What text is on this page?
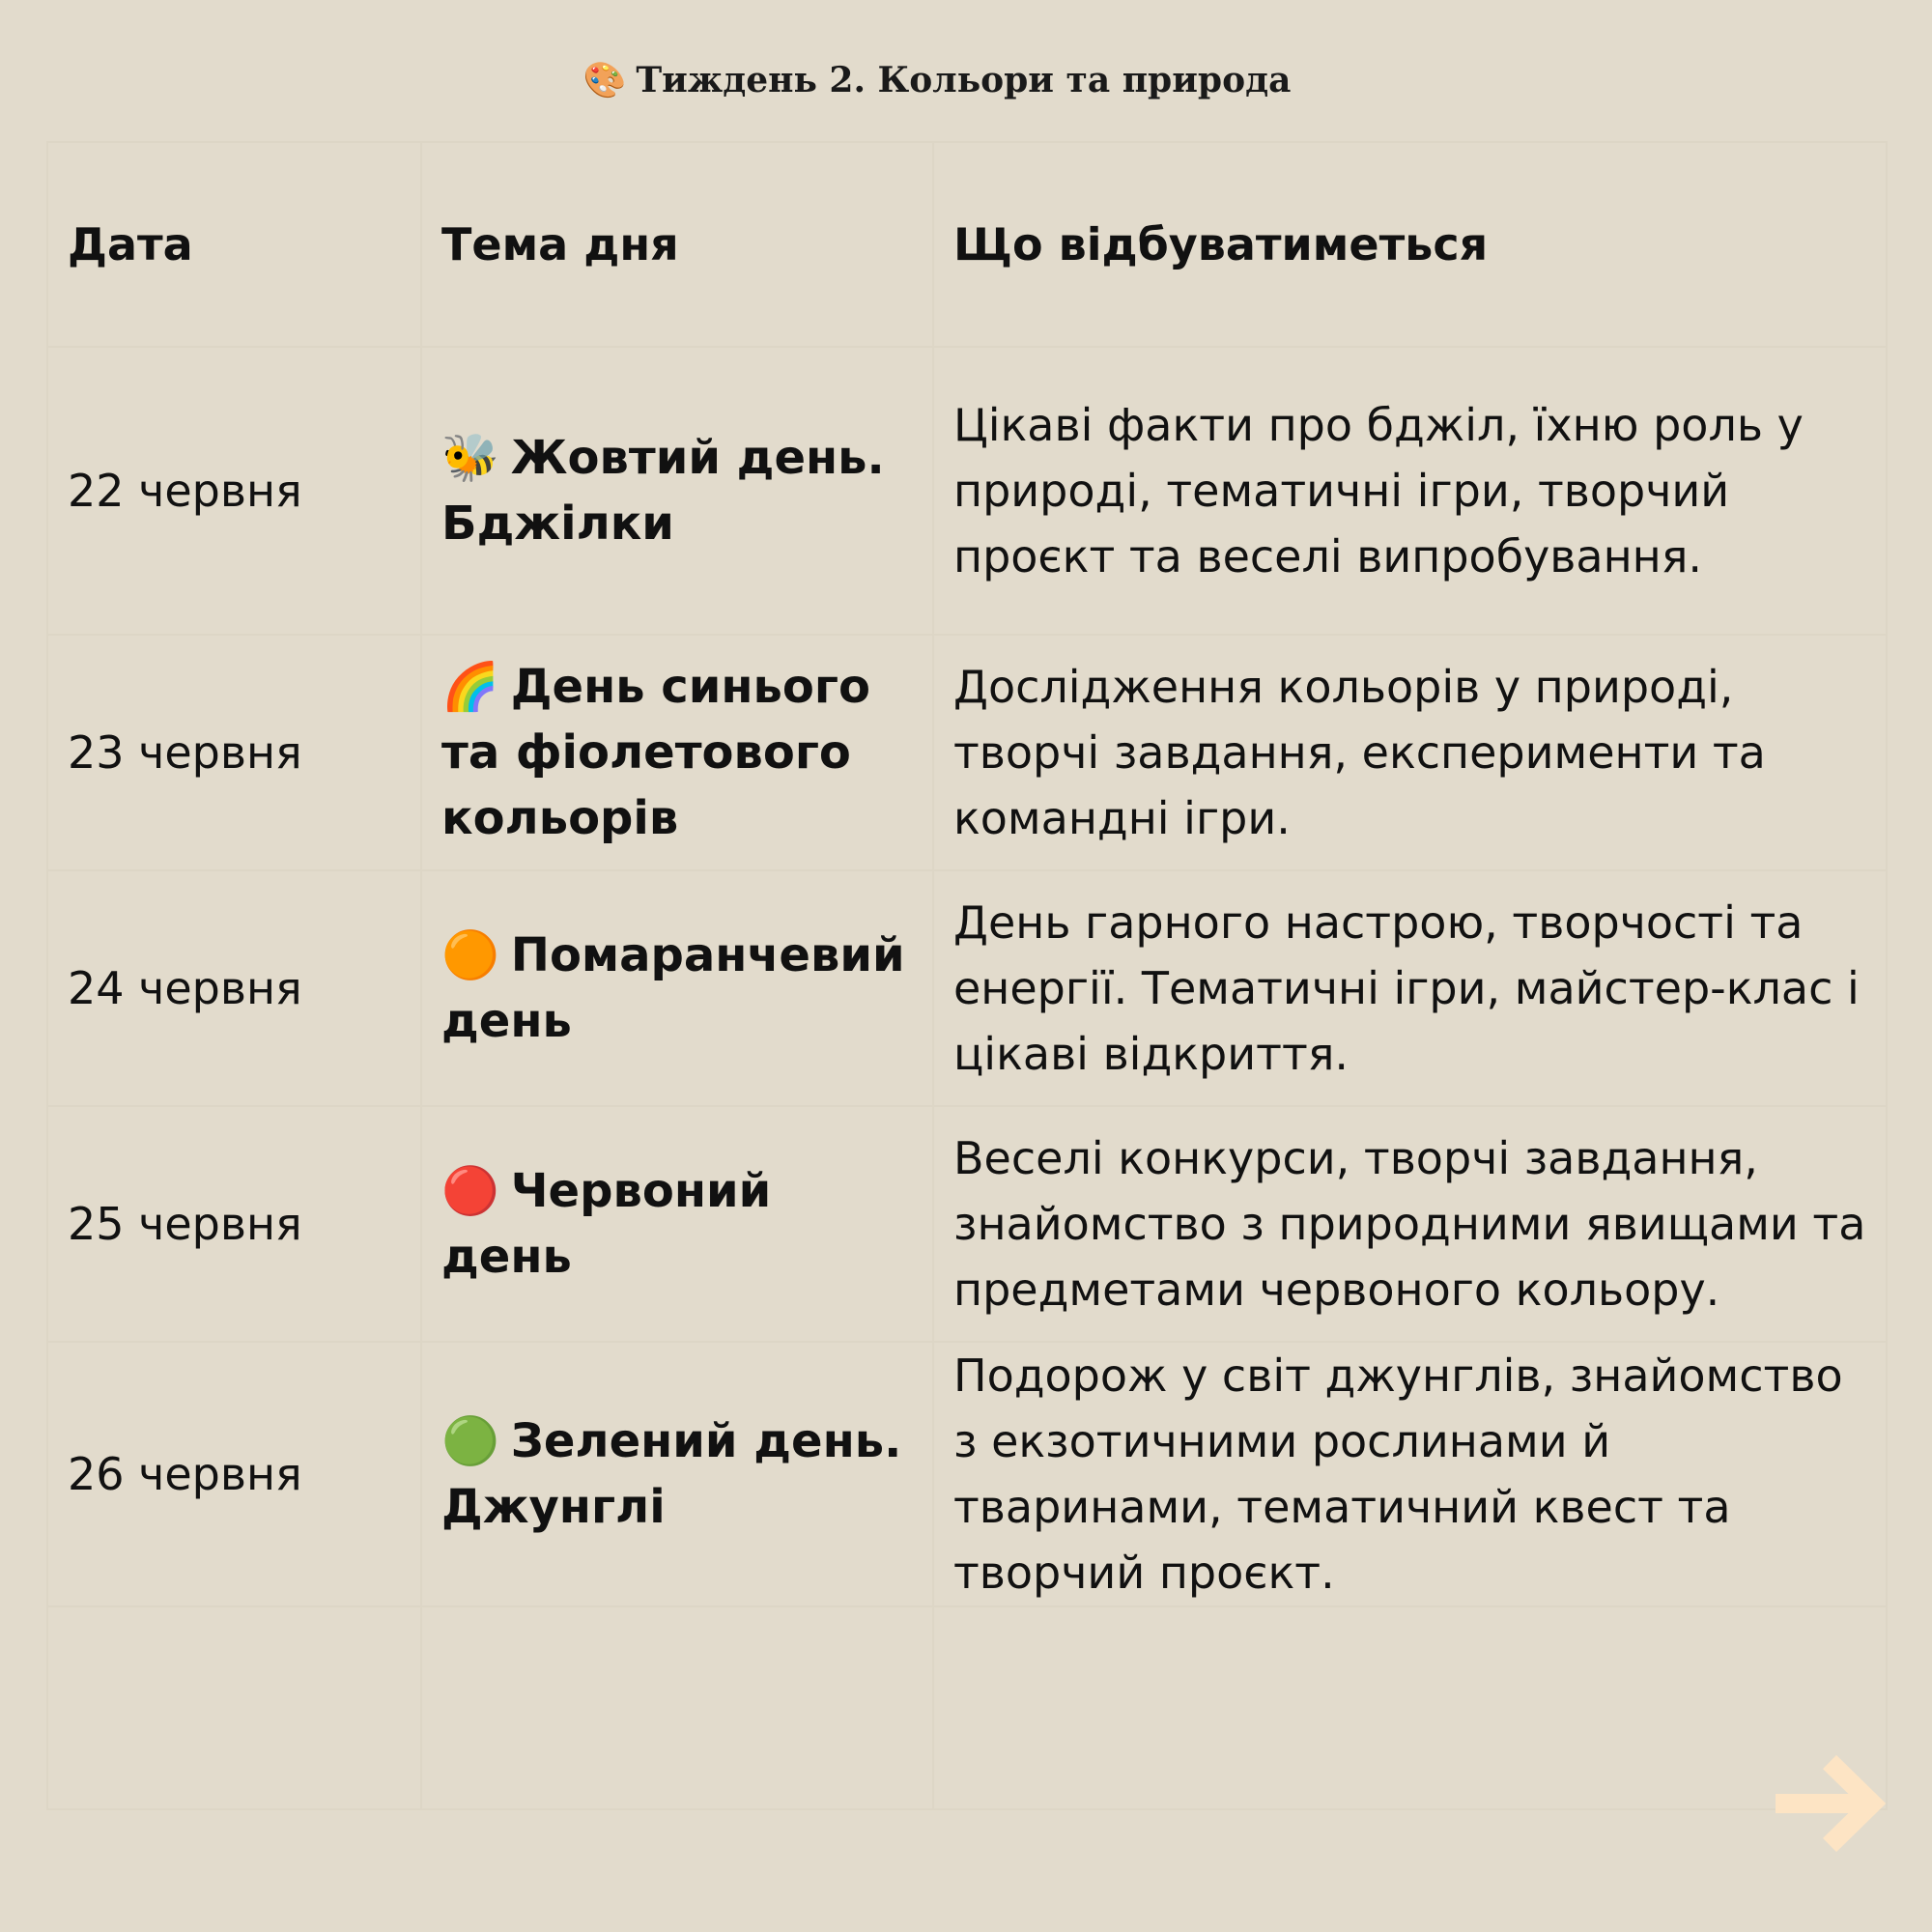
🎨 Тиждень 2. Кольори та природа
Дата	Тема дня	Що відбуватиметься
22 червня	🐝 Жовтий день. Бджілки	Цікаві факти про бджіл, їхню роль у природі, тематичні ігри, творчий проєкт та веселі випробування.
23 червня	🌈 День синього та фіолетового кольорів	Дослідження кольорів у природі, творчі завдання, експерименти та командні ігри.
24 червня	🟠 Помаранчевий день	День гарного настрою, творчості та енергії. Тематичні ігри, майстер-клас і цікаві відкриття.
25 червня	🔴 Червоний день	Веселі конкурси, творчі завдання, знайомство з природними явищами та предметами червоного кольору.
26 червня	🟢 Зелений день. Джунглі	Подорож у світ джунглів, знайомство з екзотичними рослинами й тваринами, тематичний квест та творчий проєкт.
